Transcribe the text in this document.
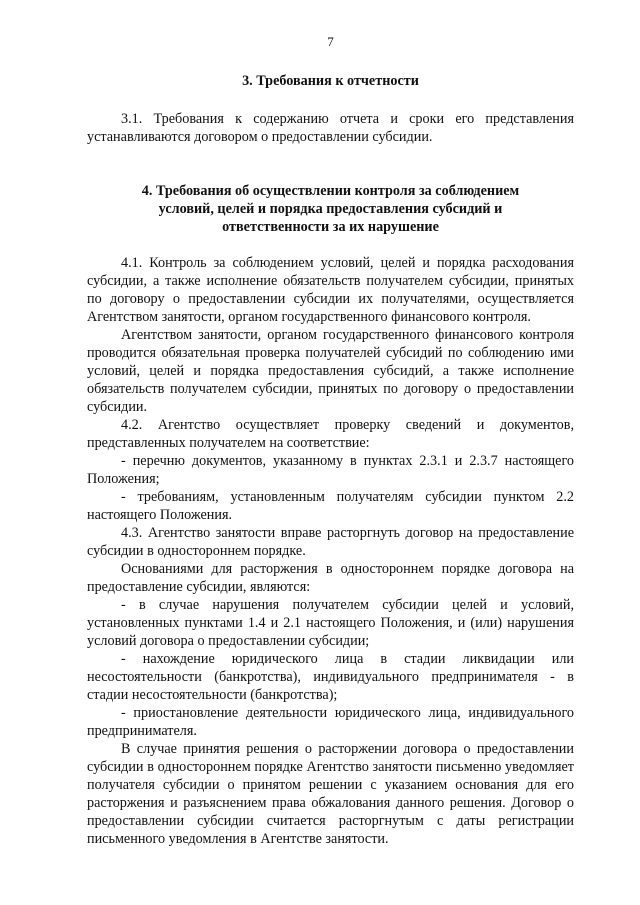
7
3. Требования к отчетности

3.1. Требования к содержанию отчета и сроки его представления устанавливаются договором о предоставлении субсидии.

4. Требования об осуществлении контроля за соблюдением
условий, целей и порядка предоставления субсидий и
ответственности за их нарушение

4.1. Контроль за соблюдением условий, целей и порядка расходования субсидии, а также исполнение обязательств получателем субсидии, принятых по договору о предоставлении субсидии их получателями, осуществляется Агентством занятости, органом государственного финансового контроля.

Агентством занятости, органом государственного финансового контроля проводится обязательная проверка получателей субсидий по соблюдению ими условий, целей и порядка предоставления субсидий, а также исполнение обязательств получателем субсидии, принятых по договору о предоставлении субсидии.

4.2. Агентство осуществляет проверку сведений и документов, представленных получателем на соответствие:

- перечню документов, указанному в пунктах 2.3.1 и 2.3.7 настоящего Положения;

- требованиям, установленным получателям субсидии пунктом 2.2 настоящего Положения.

4.3. Агентство занятости вправе расторгнуть договор на предоставление субсидии в одностороннем порядке.

Основаниями для расторжения в одностороннем порядке договора на предоставление субсидии, являются:

- в случае нарушения получателем субсидии целей и условий, установленных пунктами 1.4 и 2.1 настоящего Положения, и (или) нарушения условий договора о предоставлении субсидии;

- нахождение юридического лица в стадии ликвидации или несостоятельности (банкротства), индивидуального предпринимателя - в стадии несостоятельности (банкротства);

- приостановление деятельности юридического лица, индивидуального предпринимателя.

В случае принятия решения о расторжении договора о предоставлении субсидии в одностороннем порядке Агентство занятости письменно уведомляет получателя субсидии о принятом решении с указанием основания для его расторжения и разъяснением права обжалования данного решения. Договор о предоставлении субсидии считается расторгнутым с даты регистрации письменного уведомления в Агентстве занятости.
